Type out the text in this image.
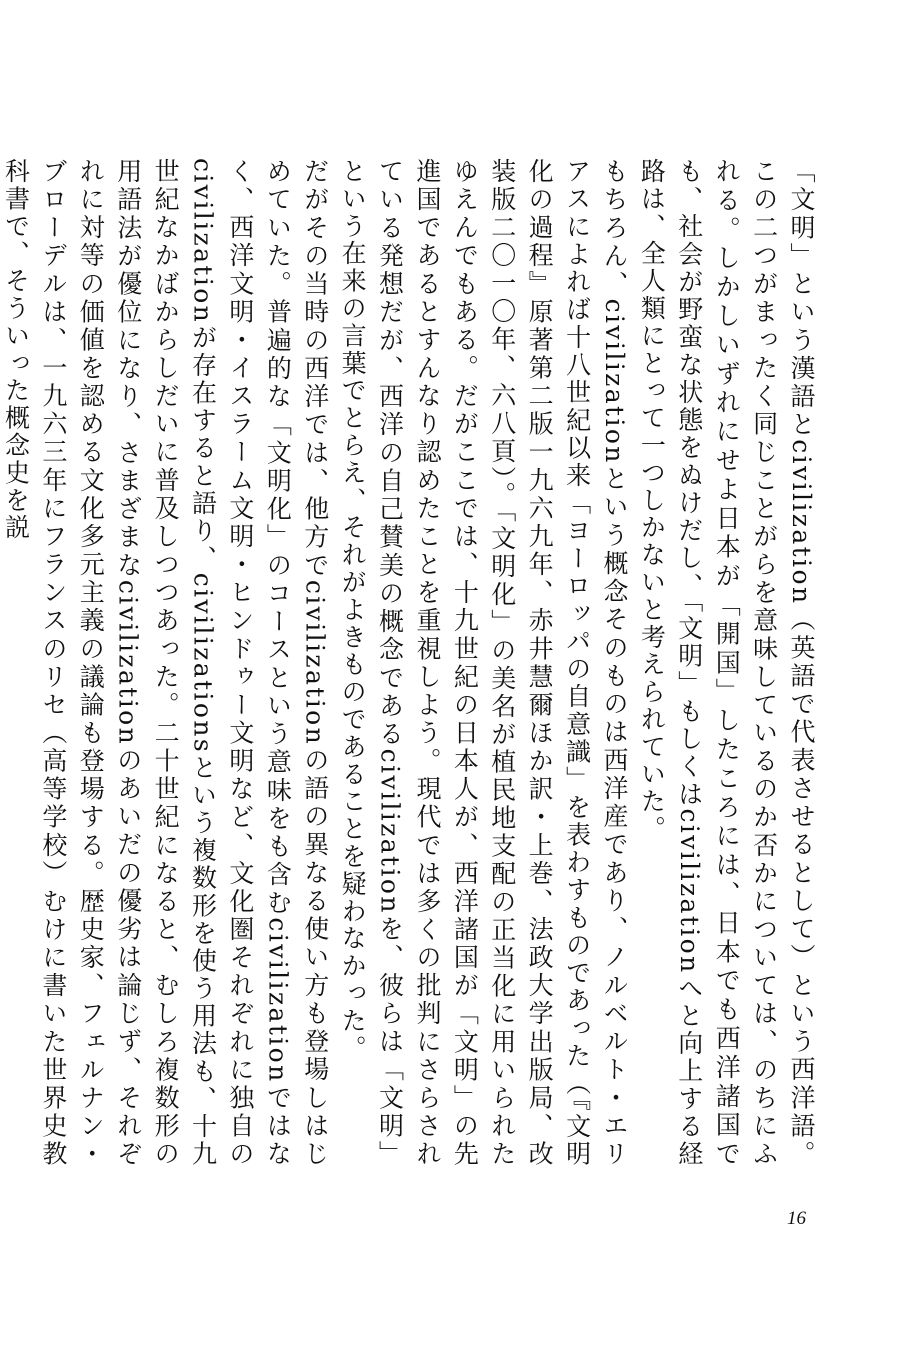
「文明」という漢語とcivilization（英語で代表させるとして）という西洋語。この二つがまったく同じことがらを意味しているのか否かについては、のちにふれる。しかしいずれにせよ日本が「開国」したころには、日本でも西洋諸国でも、社会が野蛮な状態をぬけだし、「文明」もしくはcivilizationへと向上する経路は、全人類にとって一つしかないと考えられていた。

もちろん、civilizationという概念そのものは西洋産であり、ノルベルト・エリアスによれば十八世紀以来「ヨーロッパの自意識」を表わすものであった（『文明化の過程』原著第二版一九六九年、赤井慧爾ほか訳・上巻、法政大学出版局、改装版二〇一〇年、六八頁）。「文明化」の美名が植民地支配の正当化に用いられたゆえんでもある。だがここでは、十九世紀の日本人が、西洋諸国が「文明」の先進国であるとすんなり認めたことを重視しよう。現代では多くの批判にさらされている発想だが、西洋の自己賛美の概念であるcivilizationを、彼らは「文明」という在来の言葉でとらえ、それがよきものであることを疑わなかった。

だがその当時の西洋では、他方でcivilizationの語の異なる使い方も登場しはじめていた。普遍的な「文明化」のコースという意味をも含むcivilizationではなく、西洋文明・イスラーム文明・ヒンドゥー文明など、文化圏それぞれに独自のcivilizationが存在すると語り、civilizationsという複数形を使う用法も、十九世紀なかばからしだいに普及しつつあった。二十世紀になると、むしろ複数形の用語法が優位になり、さまざまなcivilizationのあいだの優劣は論じず、それぞれに対等の価値を認める文化多元主義の議論も登場する。歴史家、フェルナン・ブローデルは、一九六三年にフランスのリセ（高等学校）むけに書いた世界史教科書で、そういった概念史を説

16
